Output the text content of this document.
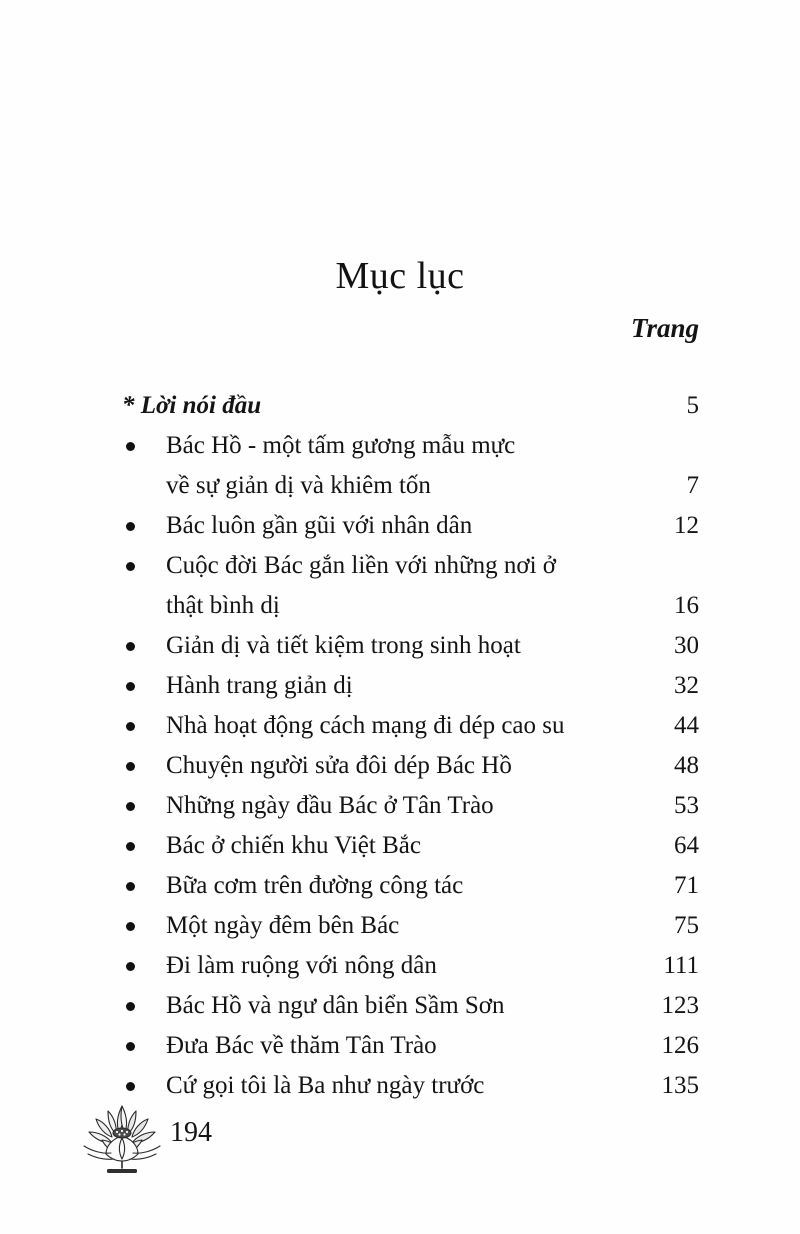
Mục lục
Trang
* Lời nói đầu	5
Bác Hồ - một tấm gương mẫu mực
về sự giản dị và khiêm tốn	7
Bác luôn gần gũi với nhân dân	12
Cuộc đời Bác gắn liền với những nơi ở
thật bình dị	16
Giản dị và tiết kiệm trong sinh hoạt	30
Hành trang giản dị	32
Nhà hoạt động cách mạng đi dép cao su	44
Chuyện người sửa đôi dép Bác Hồ	48
Những ngày đầu Bác ở Tân Trào	53
Bác ở chiến khu Việt Bắc	64
Bữa cơm trên đường công tác	71
Một ngày đêm bên Bác	75
Đi làm ruộng với nông dân	111
Bác Hồ và ngư dân biển Sầm Sơn	123
Đưa Bác về thăm Tân Trào	126
Cứ gọi tôi là Ba như ngày trước	135
194
